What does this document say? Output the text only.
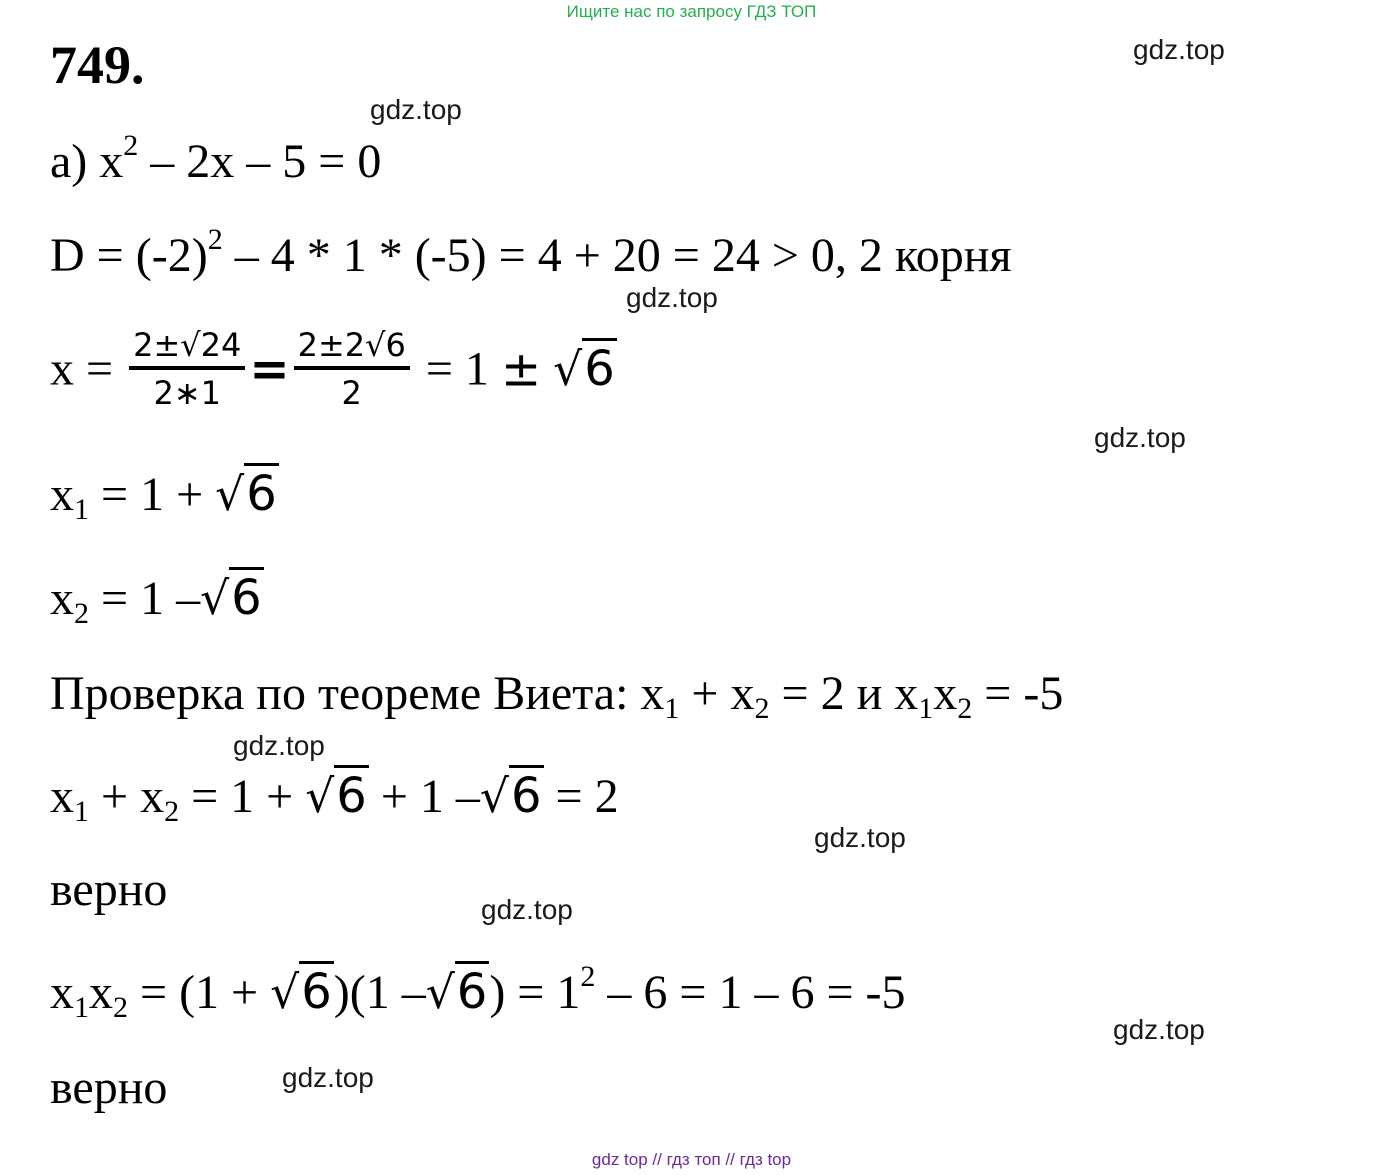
Ищите нас по запросу ГДЗ ТОП
749.	gdz.top
gdz.top
gdz.top
gdz.top
gdz.top
gdz.top
gdz.top
gdz.top
gdz.top
а) $x^2 - 2x - 5 = 0$
$D = (-2)^2 - 4 * 1 * (-5) = 4 + 20 = 24 > 0$, 2 корня
$x = \frac{2\pm√24}{2∗1} = \frac{2\pm 2√6}{2} = 1 \pm √6$
$x_1 = 1 + √6$
$x_2 = 1$ –√6
Проверка по теореме Виета: $x_1 + x_2 = 2$ и $x_1x_2 = -5$
$x_1 + x_2 = 1 + √6 + 1$ –√6 = 2
верно
$x_1x_2 = (1 + √6)(1$ $-√6) = 1^2 - 6 = 1 - 6 = -5$
верно
gdz top // гдз топ // гдз top
